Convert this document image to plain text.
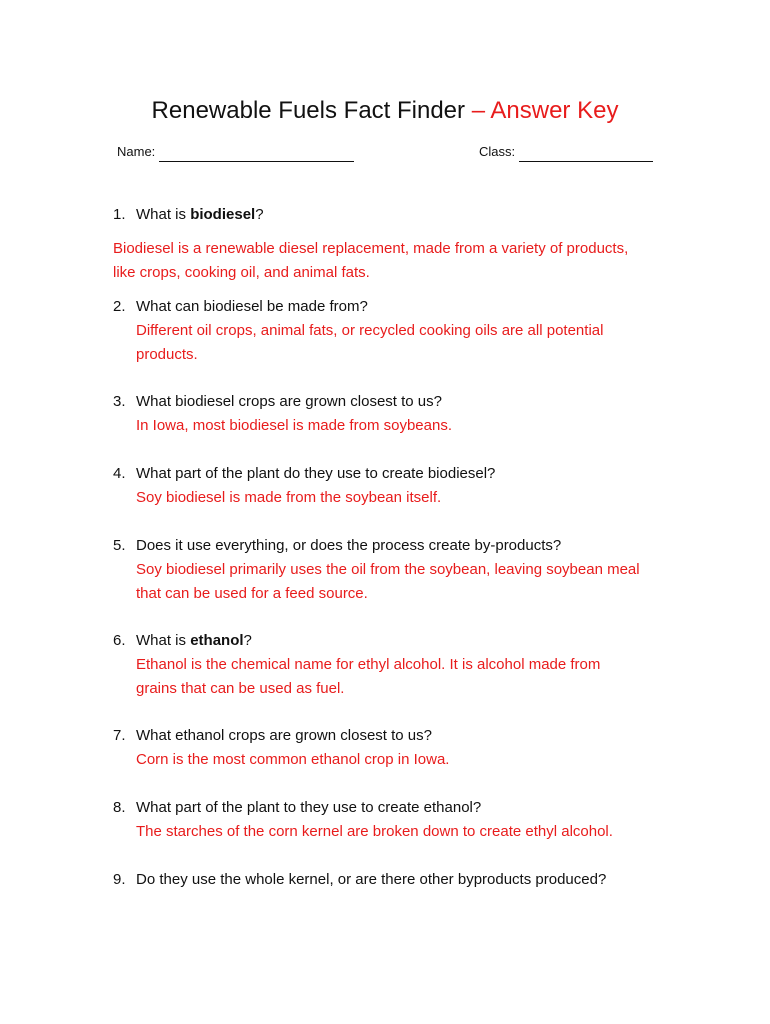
Renewable Fuels Fact Finder – Answer Key
Name:	Class:
1. What is biodiesel?
Biodiesel is a renewable diesel replacement, made from a variety of products,
like crops, cooking oil, and animal fats.
2. What can biodiesel be made from?
Different oil crops, animal fats, or recycled cooking oils are all potential
products.
3. What biodiesel crops are grown closest to us?
In Iowa, most biodiesel is made from soybeans.
4. What part of the plant do they use to create biodiesel?
Soy biodiesel is made from the soybean itself.
5. Does it use everything, or does the process create by-products?
Soy biodiesel primarily uses the oil from the soybean, leaving soybean meal
that can be used for a feed source.
6. What is ethanol?
Ethanol is the chemical name for ethyl alcohol. It is alcohol made from
grains that can be used as fuel.
7. What ethanol crops are grown closest to us?
Corn is the most common ethanol crop in Iowa.
8. What part of the plant to they use to create ethanol?
The starches of the corn kernel are broken down to create ethyl alcohol.
9. Do they use the whole kernel, or are there other byproducts produced?
